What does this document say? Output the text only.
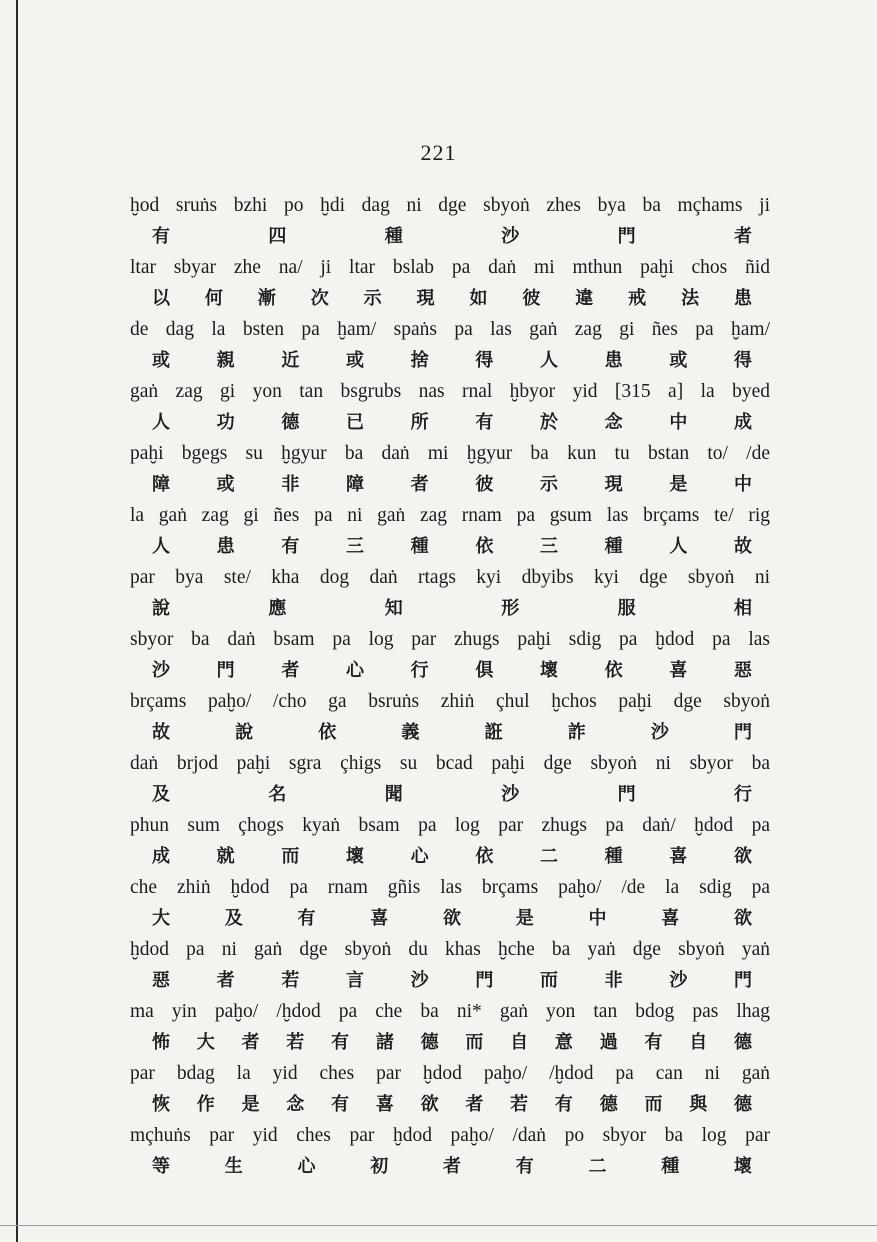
221
ḫod sruṅs bzhi po ḫdi dag ni dge sbyoṅ zhes bya ba mçhams ji
有 四 種 沙 門 者
ltar sbyar zhe na/ ji ltar bslab pa daṅ mi mthun paḫi chos ñid
以 何 漸 次 示 現 如 彼 違 戒 法 患
de dag la bsten pa ḫam/ spaṅs pa las gaṅ zag gi ñes pa ḫam/
或 親 近 或 捨 得 人 患 或 得
gaṅ zag gi yon tan bsgrubs nas rnal ḫbyor yid [315 a] la byed
人 功 德 已 所 有 於 念 中 成
paḫi bgegs su ḫgyur ba daṅ mi ḫgyur ba kun tu bstan to/ /de
障 或 非 障 者 彼 示 現 是 中
la gaṅ zag gi ñes pa ni gaṅ zag rnam pa gsum las brçams te/ rig
人 患 有 三 種 依 三 種 人 故
par bya ste/ kha dog daṅ rtags kyi dbyibs kyi dge sbyoṅ ni
說 應 知 形 服 相
sbyor ba daṅ bsam pa log par zhugs paḫi sdig pa ḫdod pa las
沙 門 者 心 行 俱 壞 依 喜 惡
brçams paḫo/ /cho ga bsruṅs zhiṅ çhul ḫchos paḫi dge sbyoṅ
故 說 依 義 誑 詐 沙 門
daṅ brjod paḫi sgra çhigs su bcad paḫi dge sbyoṅ ni sbyor ba
及 名 聞 沙 門 行
phun sum çhogs kyaṅ bsam pa log par zhugs pa daṅ/ ḫdod pa
成 就 而 壞 心 依 二 種 喜 欲
che zhiṅ ḫdod pa rnam gñis las brçams paḫo/ /de la sdig pa
大 及 有 喜 欲 是 中 喜 欲
ḫdod pa ni gaṅ dge sbyoṅ du khas ḫche ba yaṅ dge sbyoṅ yaṅ
惡 者 若 言 沙 門 而 非 沙 門
ma yin paḫo/ /ḫdod pa che ba ni* gaṅ yon tan bdog pas lhag
怖 大 者 若 有 諸 德 而 自 意 過 有 自 德
par bdag la yid ches par ḫdod paḫo/ /ḫdod pa can ni gaṅ
恢 作 是 念 有 喜 欲 者 若 有 德 而 與 德
mçhuṅs par yid ches par ḫdod paḫo/ /daṅ po sbyor ba log par
等 生 心 初 者 有 二 種 壞
